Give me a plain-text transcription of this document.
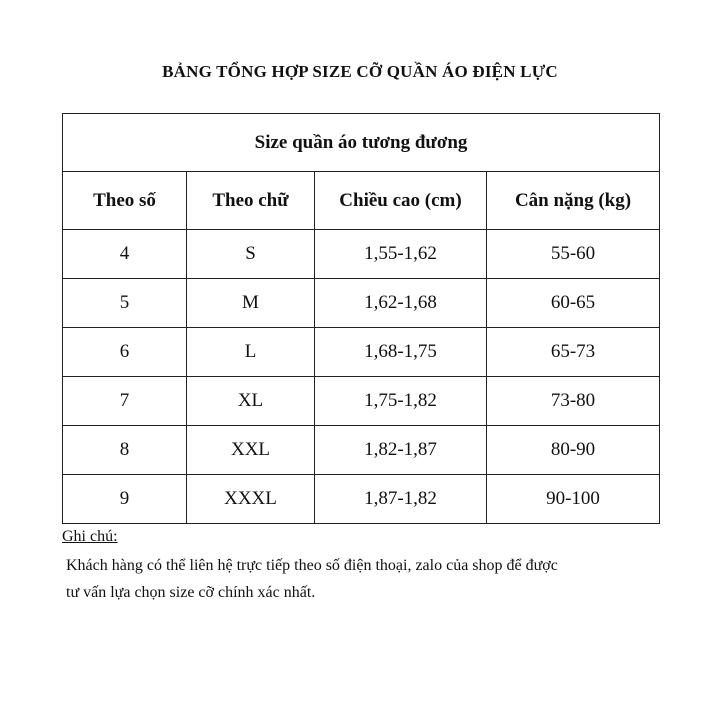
BẢNG TỔNG HỢP SIZE CỠ QUẦN ÁO ĐIỆN LỰC
Size quần áo tương đương			
Theo số	Theo chữ	Chiều cao (cm)	Cân nặng (kg)
4	S	1,55-1,62	55-60
5	M	1,62-1,68	60-65
6	L	1,68-1,75	65-73
7	XL	1,75-1,82	73-80
8	XXL	1,82-1,87	80-90
9	XXXL	1,87-1,82	90-100
Ghi chú:
Khách hàng có thể liên hệ trực tiếp theo số điện thoại, zalo của shop để được
tư vấn lựa chọn size cỡ chính xác nhất.
